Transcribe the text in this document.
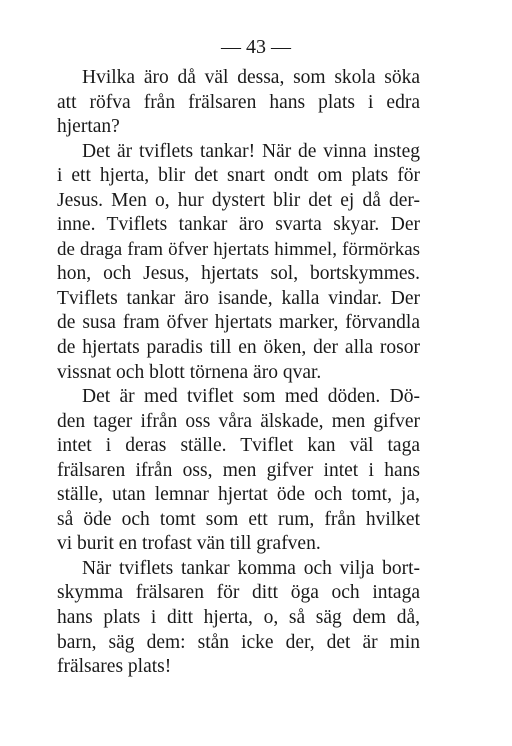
— 43 —
Hvilka äro då väl dessa, som skola söka
att röfva från frälsaren hans plats i edra
hjertan?
Det är tviflets tankar! När de vinna insteg
i ett hjerta, blir det snart ondt om plats för
Jesus. Men o, hur dystert blir det ej då der-
inne. Tviflets tankar äro svarta skyar. Der
de draga fram öfver hjertats himmel, förmörkas
hon, och Jesus, hjertats sol, bortskymmes.
Tviflets tankar äro isande, kalla vindar. Der
de susa fram öfver hjertats marker, förvandla
de hjertats paradis till en öken, der alla rosor
vissnat och blott törnena äro qvar.
Det är med tviflet som med döden. Dö-
den tager ifrån oss våra älskade, men gifver
intet i deras ställe. Tviflet kan väl taga
frälsaren ifrån oss, men gifver intet i hans
ställe, utan lemnar hjertat öde och tomt, ja,
så öde och tomt som ett rum, från hvilket
vi burit en trofast vän till grafven.
När tviflets tankar komma och vilja bort-
skymma frälsaren för ditt öga och intaga
hans plats i ditt hjerta, o, så säg dem då,
barn, säg dem: stån icke der, det är min
frälsares plats!
